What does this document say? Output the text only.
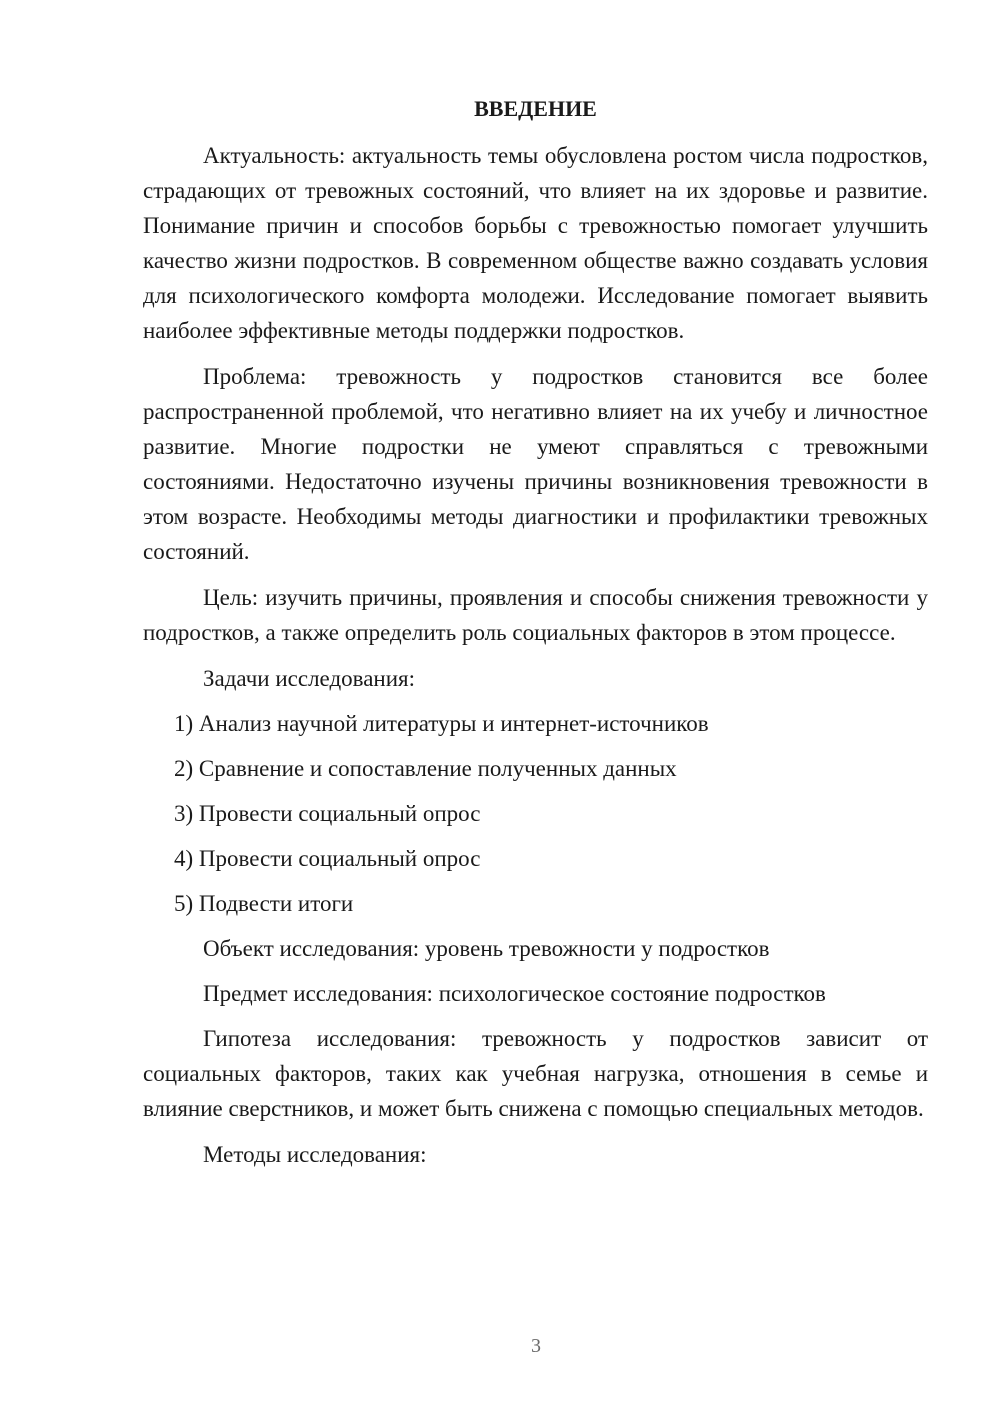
ВВЕДЕНИЕ

Актуальность: актуальность темы обусловлена ростом числа подростков, страдающих от тревожных состояний, что влияет на их здоровье и развитие. Понимание причин и способов борьбы с тревожностью помогает улучшить качество жизни подростков. В современном обществе важно создавать условия для психологического комфорта молодежи. Исследование помогает выявить наиболее эффективные методы поддержки подростков.

Проблема: тревожность у подростков становится все более распространенной проблемой, что негативно влияет на их учебу и личностное развитие. Многие подростки не умеют справляться с тревожными состояниями. Недостаточно изучены причины возникновения тревожности в этом возрасте. Необходимы методы диагностики и профилактики тревожных состояний.

Цель: изучить причины, проявления и способы снижения тревожности у подростков, а также определить роль социальных факторов в этом процессе.

Задачи исследования:

1) Анализ научной литературы и интернет-источников

2) Сравнение и сопоставление полученных данных

3) Провести социальный опрос

4) Провести социальный опрос

5) Подвести итоги

Объект исследования: уровень тревожности у подростков

Предмет исследования: психологическое состояние подростков

Гипотеза исследования: тревожность у подростков зависит от социальных факторов, таких как учебная нагрузка, отношения в семье и влияние сверстников, и может быть снижена с помощью специальных методов.

Методы исследования:

3
